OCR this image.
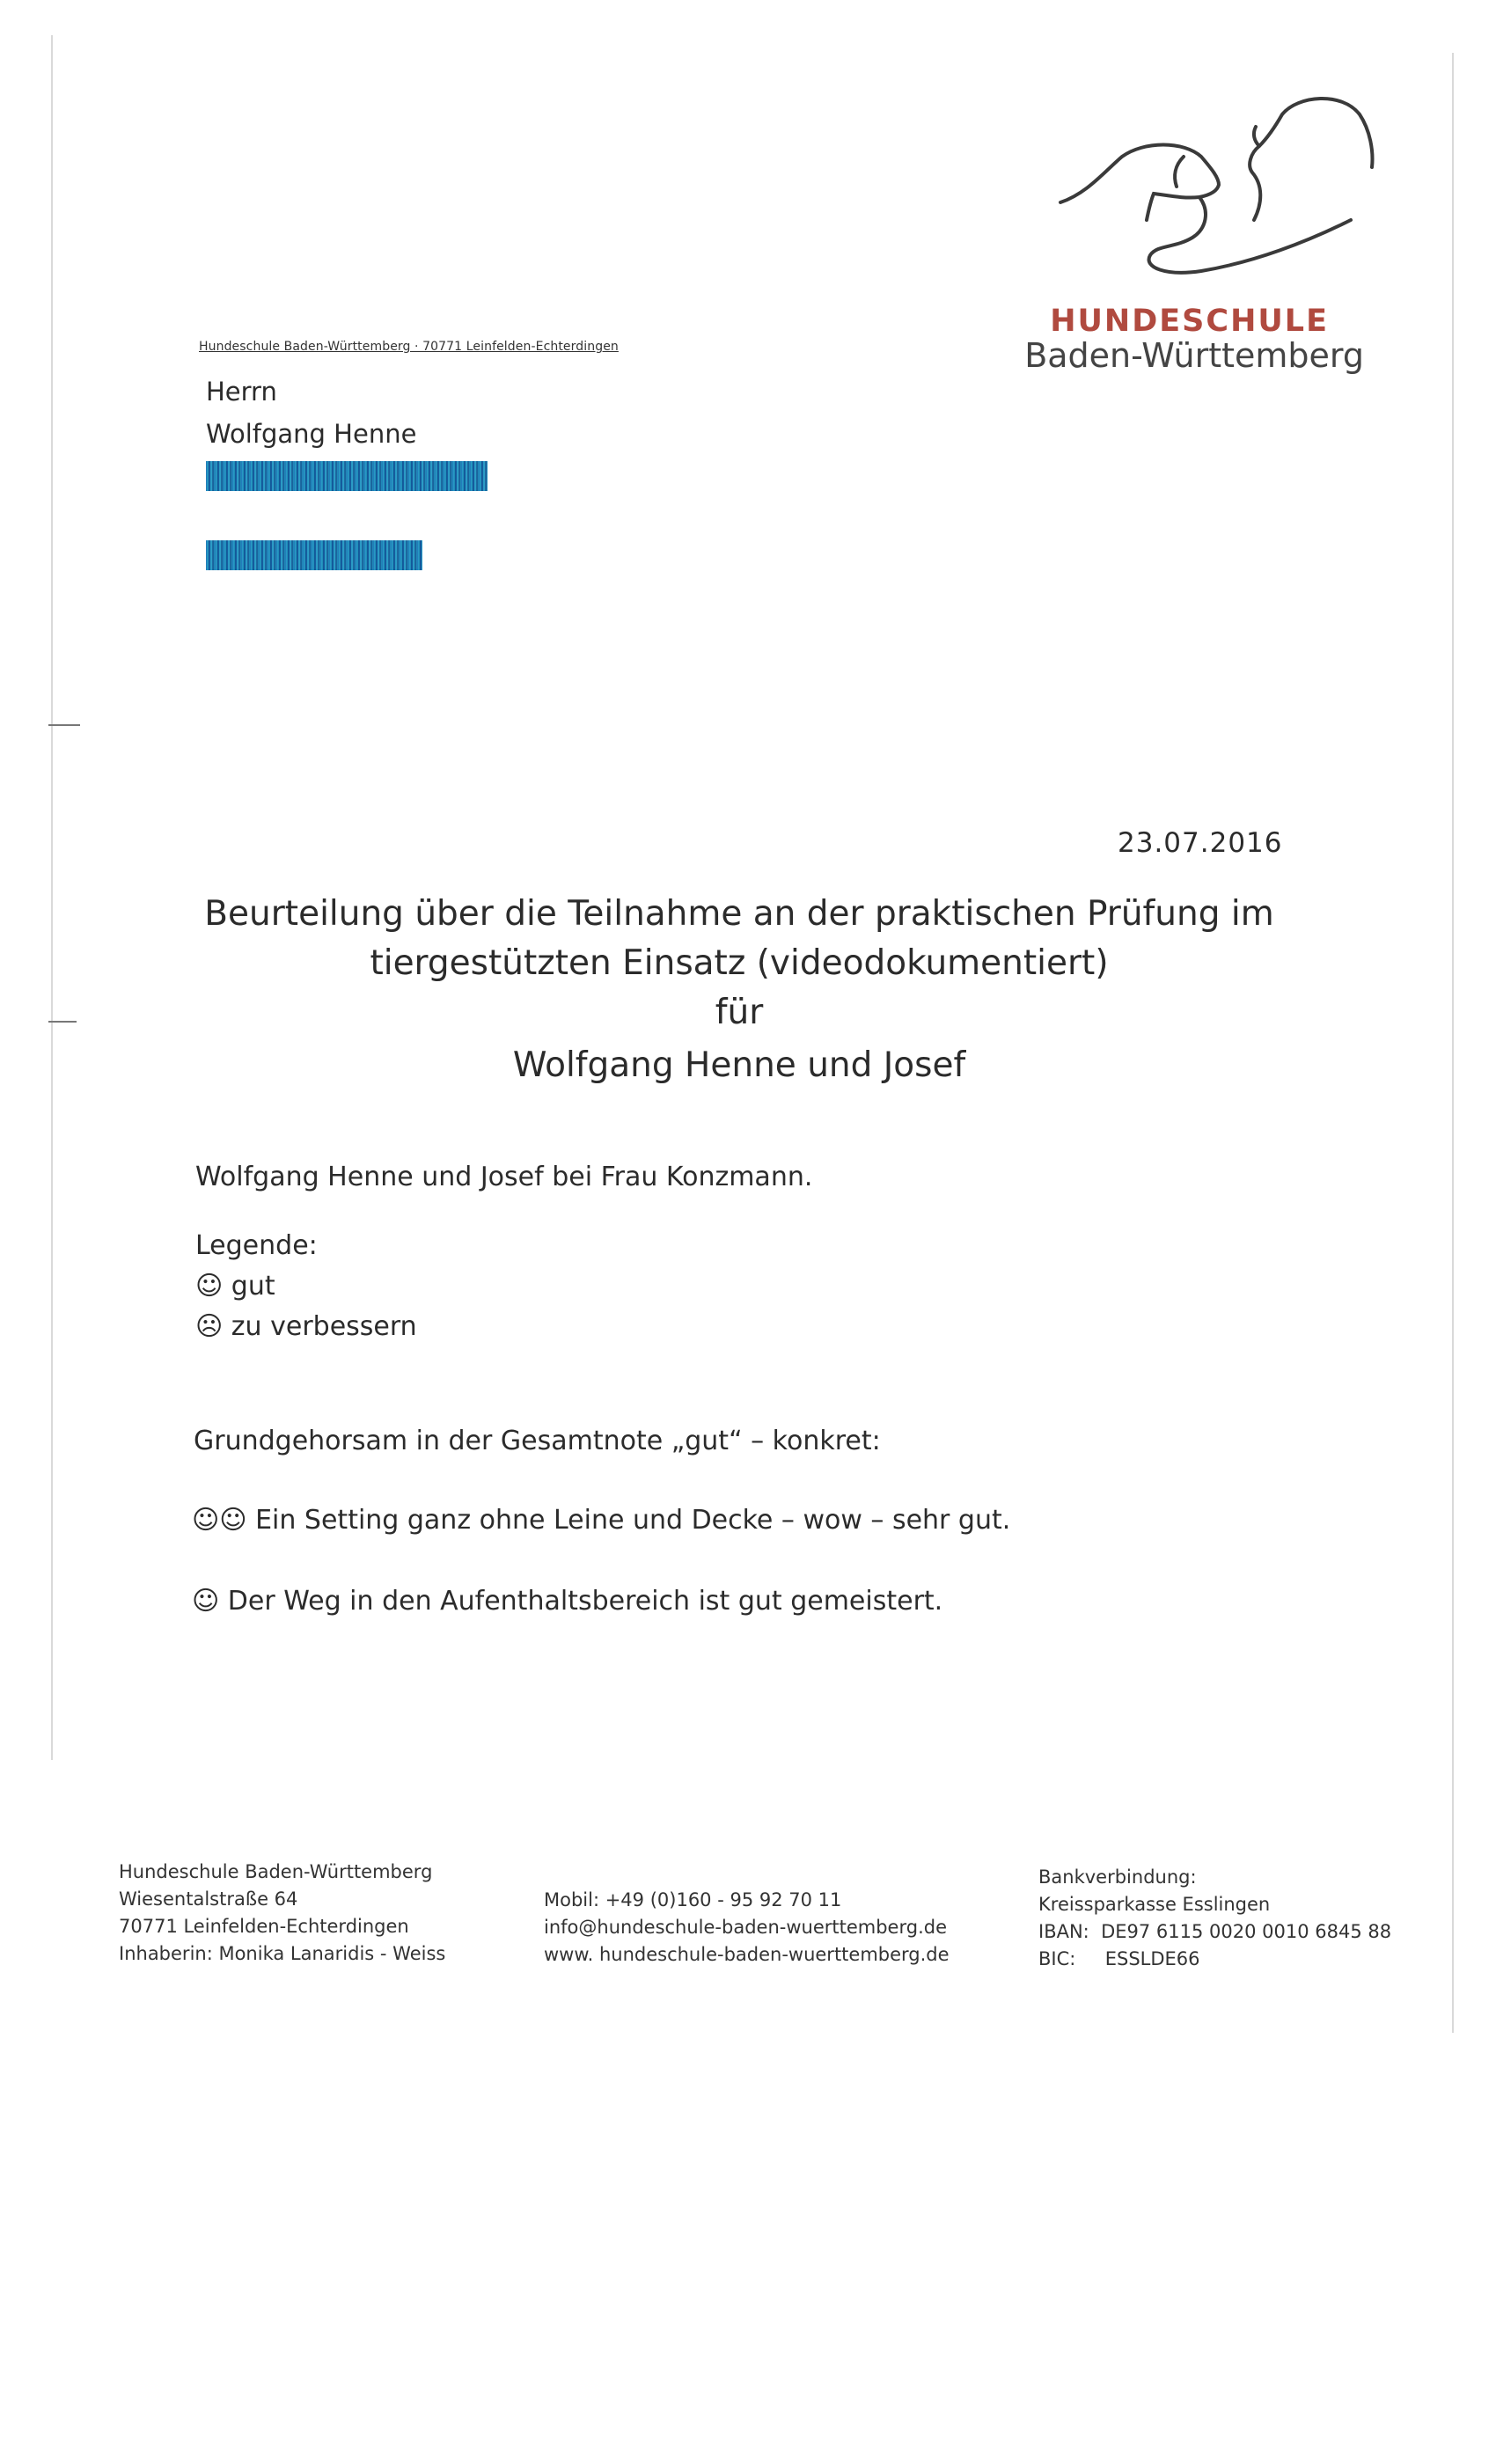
HUNDESCHULE
Baden-Württemberg
Hundeschule Baden-Württemberg · 70771 Leinfelden-Echterdingen
Herrn
Wolfgang Henne
23.07.2016
Beurteilung über die Teilnahme an der praktischen Prüfung im
tiergestützten Einsatz (videodokumentiert)
für
Wolfgang Henne und Josef
Wolfgang Henne und Josef bei Frau Konzmann.
Legende:
☺ gut
☹ zu verbessern
Grundgehorsam in der Gesamtnote „gut“ – konkret:
☺☺ Ein Setting ganz ohne Leine und Decke – wow – sehr gut.
☺ Der Weg in den Aufenthaltsbereich ist gut gemeistert.
Hundeschule Baden-Württemberg
Wiesentalstraße 64
70771 Leinfelden-Echterdingen
Inhaberin: Monika Lanaridis - Weiss
Mobil: +49 (0)160 - 95 92 70 11
info@hundeschule-baden-wuerttemberg.de
www. hundeschule-baden-wuerttemberg.de
Bankverbindung:
Kreissparkasse Esslingen
IBAN:  DE97 6115 0020 0010 6845 88
BIC:     ESSLDE66
